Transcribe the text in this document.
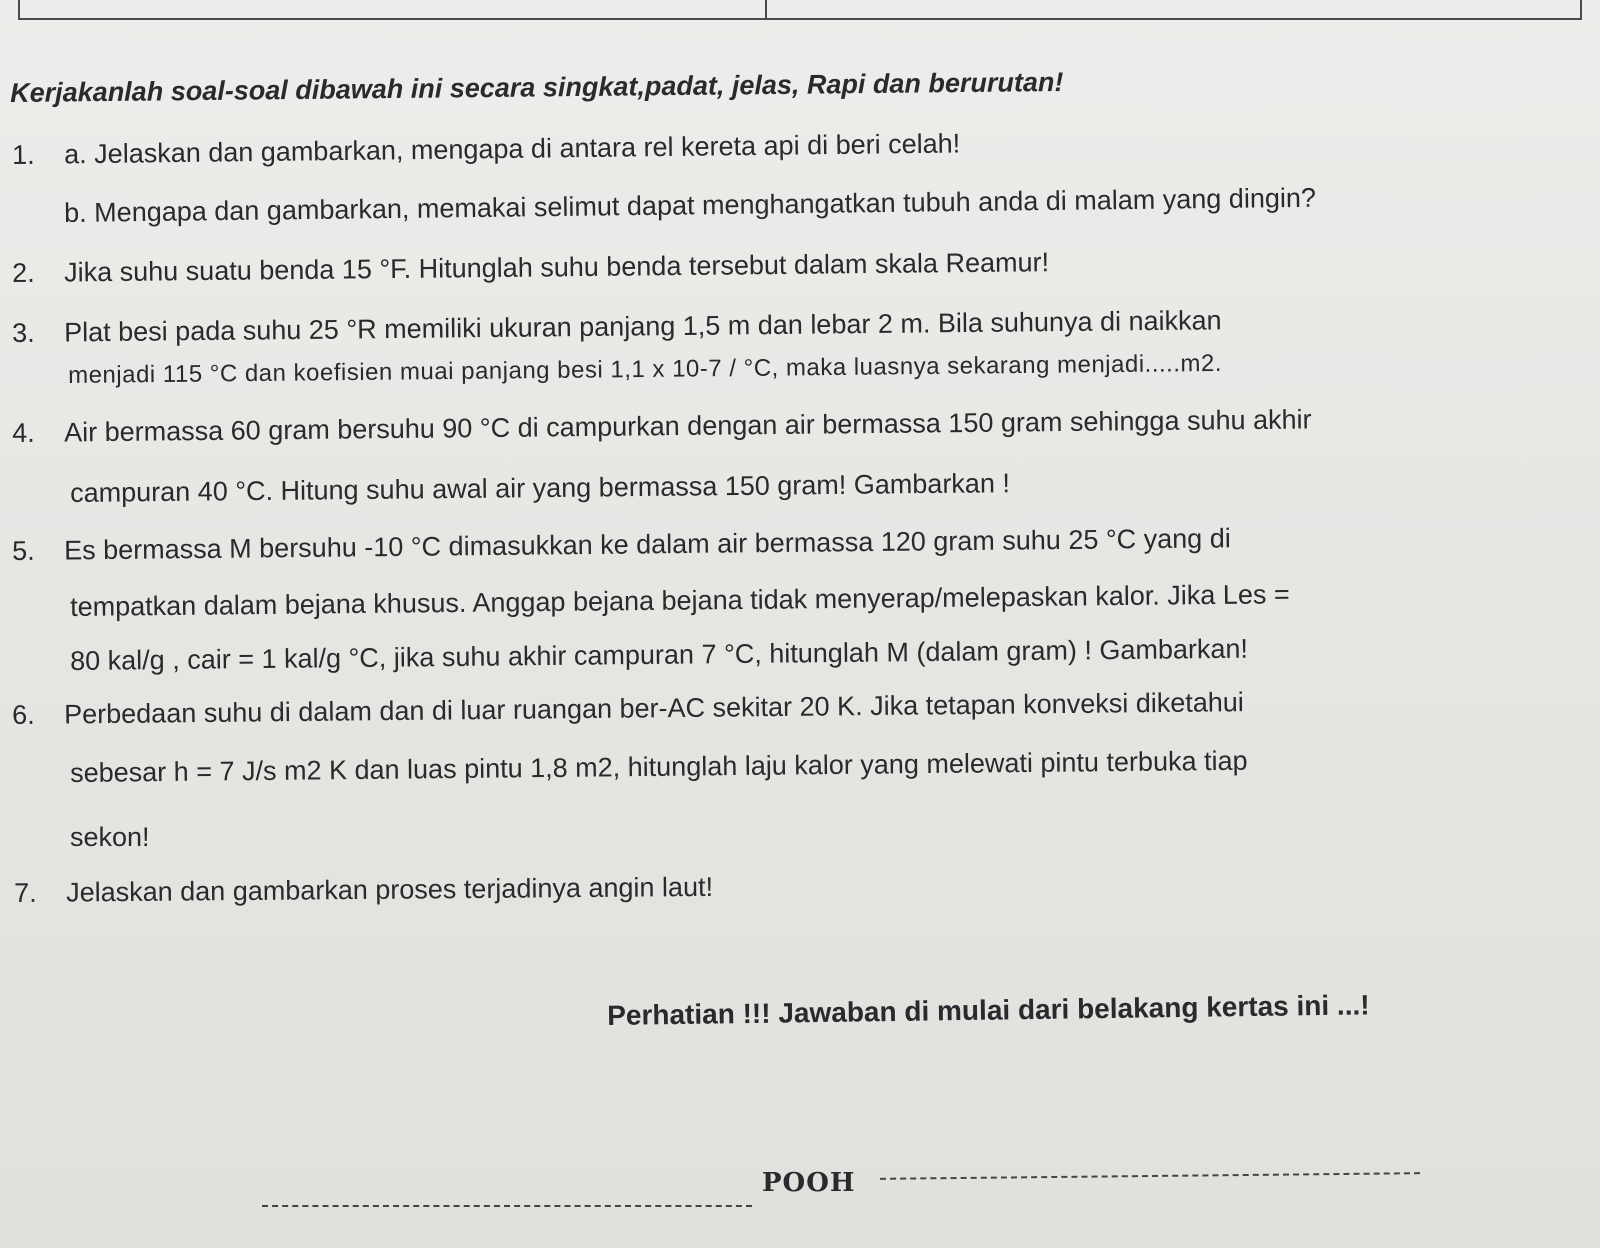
Kerjakanlah soal-soal dibawah ini secara singkat,padat, jelas, Rapi dan berurutan!
1. a. Jelaskan dan gambarkan, mengapa di antara rel kereta api di beri celah!
b. Mengapa dan gambarkan, memakai selimut dapat menghangatkan tubuh anda di malam yang dingin?
2. Jika suhu suatu benda 15 °F. Hitunglah suhu benda tersebut dalam skala Reamur!
3. Plat besi pada suhu 25 °R memiliki ukuran panjang 1,5 m dan lebar 2 m. Bila suhunya di naikkan
menjadi 115 °C dan koefisien muai panjang besi 1,1 x 10-7 / °C, maka luasnya sekarang menjadi.....m2.
4. Air bermassa 60 gram bersuhu 90 °C di campurkan dengan air bermassa 150 gram sehingga suhu akhir
campuran 40 °C. Hitung suhu awal air yang bermassa 150 gram! Gambarkan !
5. Es bermassa M bersuhu -10 °C dimasukkan ke dalam air bermassa 120 gram suhu 25 °C yang di
tempatkan dalam bejana khusus. Anggap bejana bejana tidak menyerap/melepaskan kalor. Jika Les =
80 kal/g , cair = 1 kal/g °C, jika suhu akhir campuran 7 °C, hitunglah M (dalam gram) ! Gambarkan!
6. Perbedaan suhu di dalam dan di luar ruangan ber-AC sekitar 20 K. Jika tetapan konveksi diketahui
sebesar h = 7 J/s m2 K dan luas pintu 1,8 m2, hitunglah laju kalor yang melewati pintu terbuka tiap
sekon!
7. Jelaskan dan gambarkan proses terjadinya angin laut!
Perhatian !!! Jawaban di mulai dari belakang kertas ini ...!
POOH
